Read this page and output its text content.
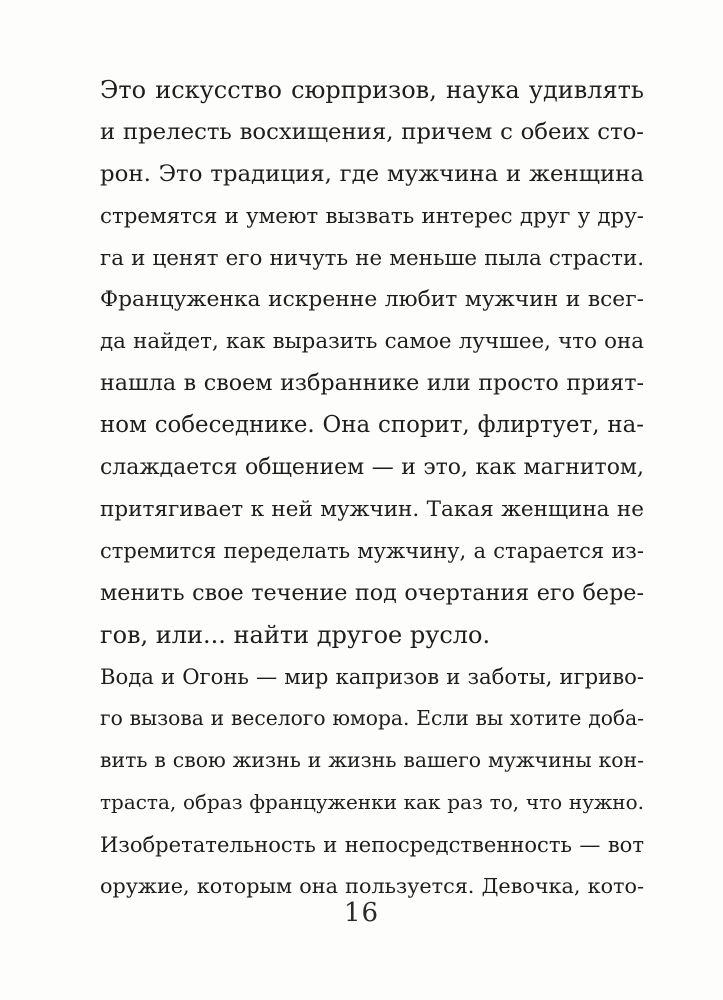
Это искусство сюрпризов, наука удивлять
и прелесть восхищения, причем с обеих сто-
рон. Это традиция, где мужчина и женщина
стремятся и умеют вызвать интерес друг у дру-
га и ценят его ничуть не меньше пыла страсти.
Француженка искренне любит мужчин и всег-
да найдет, как выразить самое лучшее, что она
нашла в своем избраннике или просто прият-
ном собеседнике. Она спорит, флиртует, на-
слаждается общением — и это, как магнитом,
притягивает к ней мужчин. Такая женщина не
стремится переделать мужчину, а старается из-
менить свое течение под очертания его бере-
гов, или... найти другое русло.
Вода и Огонь — мир капризов и заботы, игриво-
го вызова и веселого юмора. Если вы хотите доба-
вить в свою жизнь и жизнь вашего мужчины кон-
траста, образ француженки как раз то, что нужно.
Изобретательность и непосредственность — вот
оружие, которым она пользуется. Девочка, кото-
16
